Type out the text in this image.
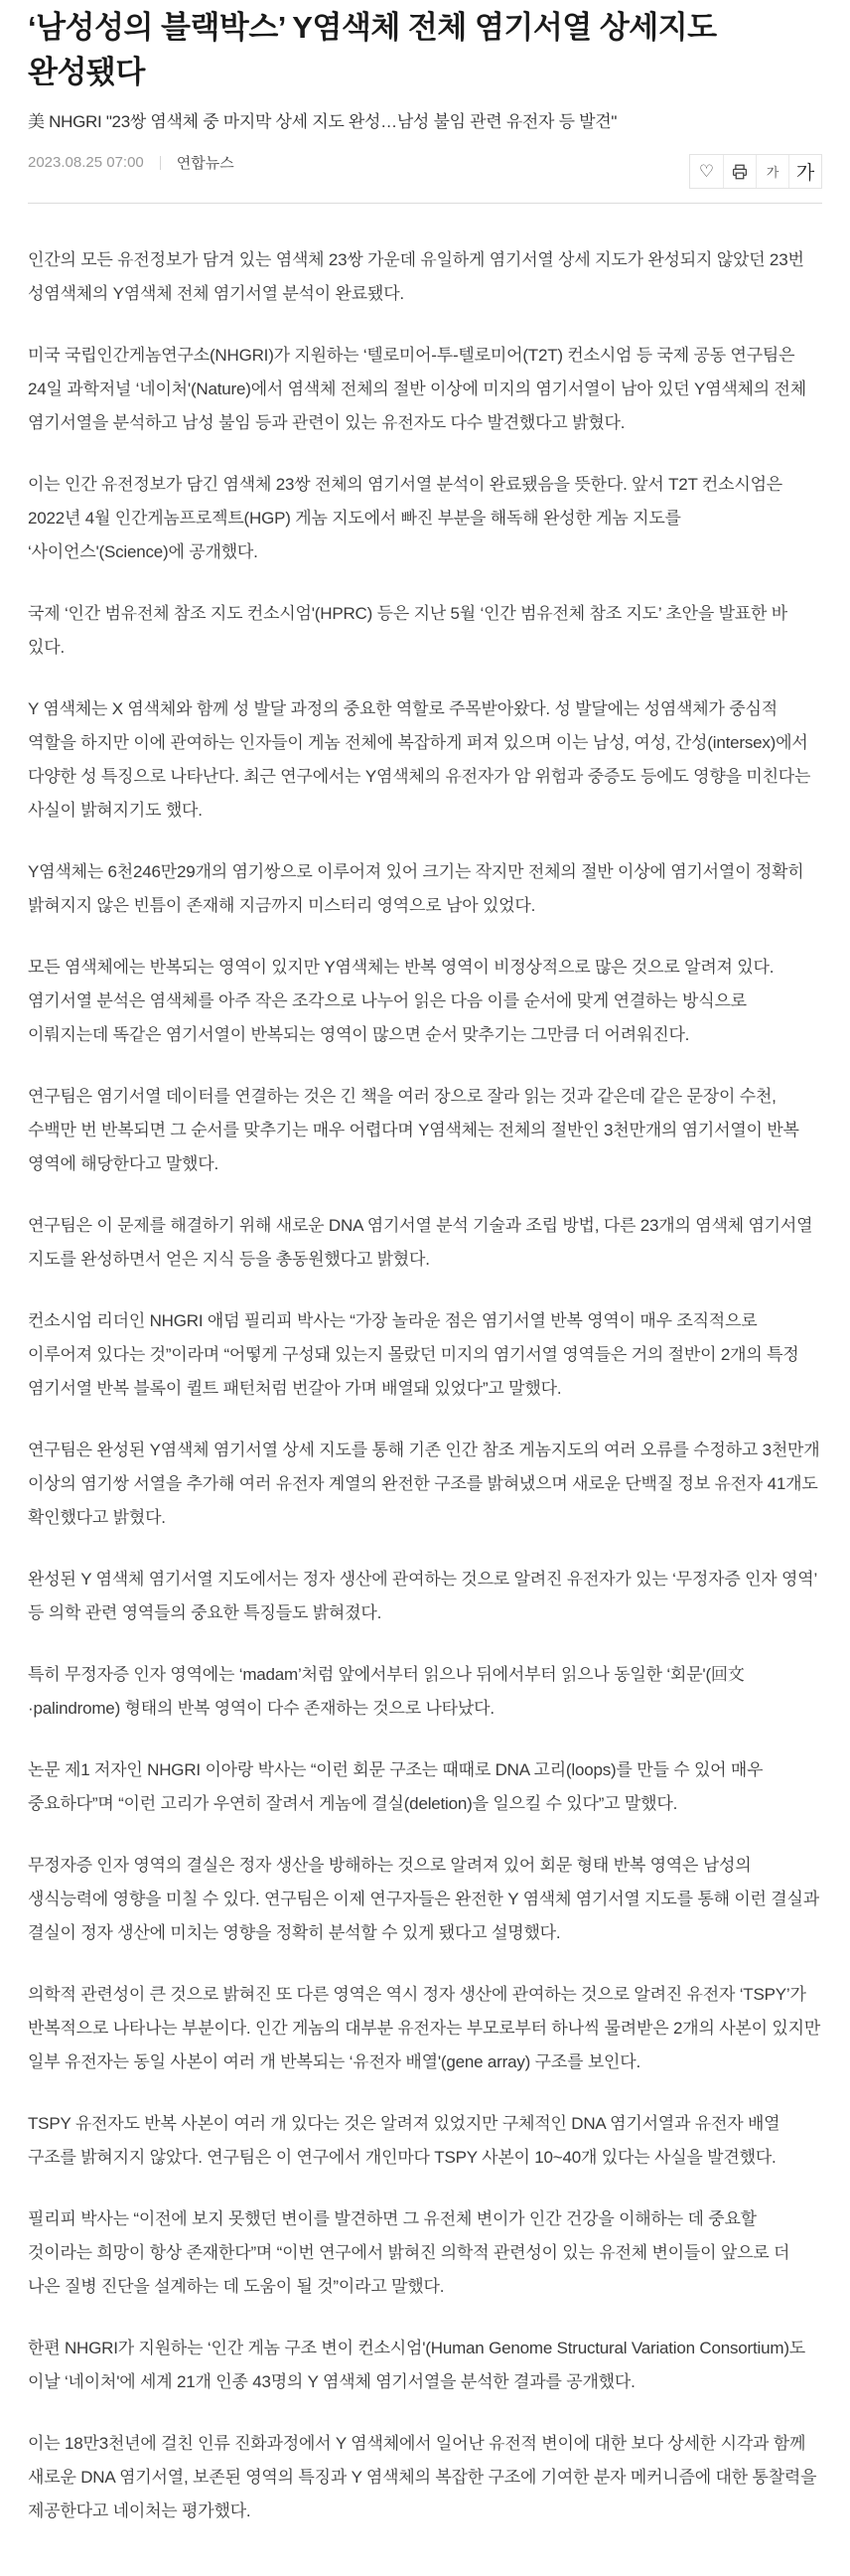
‘남성성의 블랙박스’ Y염색체 전체 염기서열 상세지도 완성됐다

美 NHGRI "23쌍 염색체 중 마지막 상세 지도 완성…남성 불임 관련 유전자 등 발견"

2023.08.25 07:00 연합뉴스	♡	가 가

인간의 모든 유전정보가 담겨 있는 염색체 23쌍 가운데 유일하게 염기서열 상세 지도가 완성되지 않았던 23번 성염색체의 Y염색체 전체 염기서열 분석이 완료됐다.

미국 국립인간게놈연구소(NHGRI)가 지원하는 ‘텔로미어-투-텔로미어(T2T) 컨소시엄 등 국제 공동 연구팀은 24일 과학저널 ‘네이처'(Nature)에서 염색체 전체의 절반 이상에 미지의 염기서열이 남아 있던 Y염색체의 전체 염기서열을 분석하고 남성 불임 등과 관련이 있는 유전자도 다수 발견했다고 밝혔다.

이는 인간 유전정보가 담긴 염색체 23쌍 전체의 염기서열 분석이 완료됐음을 뜻한다. 앞서 T2T 컨소시엄은 2022년 4월 인간게놈프로젝트(HGP) 게놈 지도에서 빠진 부분을 해독해 완성한 게놈 지도를 ‘사이언스'(Science)에 공개했다.

국제 ‘인간 범유전체 참조 지도 컨소시엄'(HPRC) 등은 지난 5월 ‘인간 범유전체 참조 지도’ 초안을 발표한 바 있다.

Y 염색체는 X 염색체와 함께 성 발달 과정의 중요한 역할로 주목받아왔다. 성 발달에는 성염색체가 중심적 역할을 하지만 이에 관여하는 인자들이 게놈 전체에 복잡하게 퍼져 있으며 이는 남성, 여성, 간성(intersex)에서 다양한 성 특징으로 나타난다. 최근 연구에서는 Y염색체의 유전자가 암 위험과 중증도 등에도 영향을 미친다는 사실이 밝혀지기도 했다.

Y염색체는 6천246만29개의 염기쌍으로 이루어져 있어 크기는 작지만 전체의 절반 이상에 염기서열이 정확히 밝혀지지 않은 빈틈이 존재해 지금까지 미스터리 영역으로 남아 있었다.

모든 염색체에는 반복되는 영역이 있지만 Y염색체는 반복 영역이 비정상적으로 많은 것으로 알려져 있다. 염기서열 분석은 염색체를 아주 작은 조각으로 나누어 읽은 다음 이를 순서에 맞게 연결하는 방식으로 이뤄지는데 똑같은 염기서열이 반복되는 영역이 많으면 순서 맞추기는 그만큼 더 어려워진다.

연구팀은 염기서열 데이터를 연결하는 것은 긴 책을 여러 장으로 잘라 읽는 것과 같은데 같은 문장이 수천, 수백만 번 반복되면 그 순서를 맞추기는 매우 어렵다며 Y염색체는 전체의 절반인 3천만개의 염기서열이 반복 영역에 해당한다고 말했다.

연구팀은 이 문제를 해결하기 위해 새로운 DNA 염기서열 분석 기술과 조립 방법, 다른 23개의 염색체 염기서열 지도를 완성하면서 얻은 지식 등을 총동원했다고 밝혔다.

컨소시엄 리더인 NHGRI 애덤 필리피 박사는 “가장 놀라운 점은 염기서열 반복 영역이 매우 조직적으로 이루어져 있다는 것”이라며 “어떻게 구성돼 있는지 몰랐던 미지의 염기서열 영역들은 거의 절반이 2개의 특정 염기서열 반복 블록이 퀼트 패턴처럼 번갈아 가며 배열돼 있었다”고 말했다.

연구팀은 완성된 Y염색체 염기서열 상세 지도를 통해 기존 인간 참조 게놈지도의 여러 오류를 수정하고 3천만개 이상의 염기쌍 서열을 추가해 여러 유전자 계열의 완전한 구조를 밝혀냈으며 새로운 단백질 정보 유전자 41개도 확인했다고 밝혔다.

완성된 Y 염색체 염기서열 지도에서는 정자 생산에 관여하는 것으로 알려진 유전자가 있는 ‘무정자증 인자 영역’ 등 의학 관련 영역들의 중요한 특징들도 밝혀졌다.

특히 무정자증 인자 영역에는 ‘madam’처럼 앞에서부터 읽으나 뒤에서부터 읽으나 동일한 ‘회문'(回文·palindrome) 형태의 반복 영역이 다수 존재하는 것으로 나타났다.

논문 제1 저자인 NHGRI 이아랑 박사는 “이런 회문 구조는 때때로 DNA 고리(loops)를 만들 수 있어 매우 중요하다”며 “이런 고리가 우연히 잘려서 게놈에 결실(deletion)을 일으킬 수 있다”고 말했다.

무정자증 인자 영역의 결실은 정자 생산을 방해하는 것으로 알려져 있어 회문 형태 반복 영역은 남성의 생식능력에 영향을 미칠 수 있다. 연구팀은 이제 연구자들은 완전한 Y 염색체 염기서열 지도를 통해 이런 결실과 결실이 정자 생산에 미치는 영향을 정확히 분석할 수 있게 됐다고 설명했다.

의학적 관련성이 큰 것으로 밝혀진 또 다른 영역은 역시 정자 생산에 관여하는 것으로 알려진 유전자 ‘TSPY’가 반복적으로 나타나는 부분이다. 인간 게놈의 대부분 유전자는 부모로부터 하나씩 물려받은 2개의 사본이 있지만 일부 유전자는 동일 사본이 여러 개 반복되는 ‘유전자 배열'(gene array) 구조를 보인다.

TSPY 유전자도 반복 사본이 여러 개 있다는 것은 알려져 있었지만 구체적인 DNA 염기서열과 유전자 배열 구조를 밝혀지지 않았다. 연구팀은 이 연구에서 개인마다 TSPY 사본이 10~40개 있다는 사실을 발견했다.

필리피 박사는 “이전에 보지 못했던 변이를 발견하면 그 유전체 변이가 인간 건강을 이해하는 데 중요할 것이라는 희망이 항상 존재한다”며 “이번 연구에서 밝혀진 의학적 관련성이 있는 유전체 변이들이 앞으로 더 나은 질병 진단을 설계하는 데 도움이 될 것”이라고 말했다.

한편 NHGRI가 지원하는 ‘인간 게놈 구조 변이 컨소시엄'(Human Genome Structural Variation Consortium)도 이날 ‘네이처'에 세계 21개 인종 43명의 Y 염색체 염기서열을 분석한 결과를 공개했다.

이는 18만3천년에 걸친 인류 진화과정에서 Y 염색체에서 일어난 유전적 변이에 대한 보다 상세한 시각과 함께 새로운 DNA 염기서열, 보존된 영역의 특징과 Y 염색체의 복잡한 구조에 기여한 분자 메커니즘에 대한 통찰력을 제공한다고 네이처는 평가했다.
